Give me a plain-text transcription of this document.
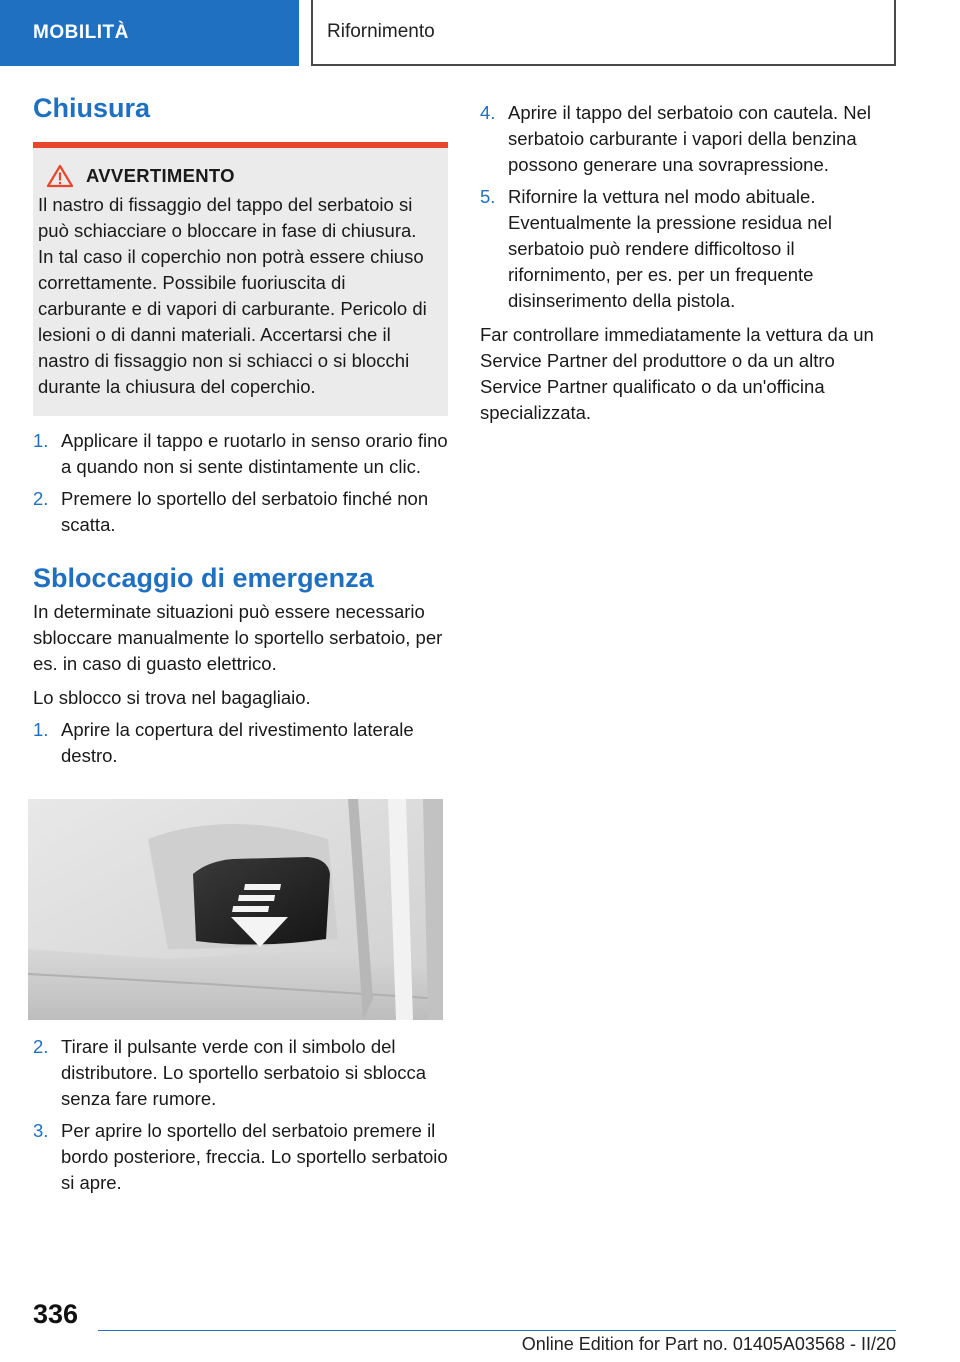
MOBILITÀ	Rifornimento
Chiusura
AVVERTIMENTO

Il nastro di fissaggio del tappo del serbatoio si può schiacciare o bloccare in fase di chiusura. In tal caso il coperchio non potrà essere chiuso correttamente. Possibile fuoriuscita di carburante e di vapori di carburante. Pericolo di lesioni o di danni materiali. Accertarsi che il nastro di fissaggio non si schiacci o si blocchi durante la chiusura del coperchio.

1. Applicare il tappo e ruotarlo in senso orario fino a quando non si sente distintamente un clic.
2. Premere lo sportello del serbatoio finché non scatta.
Sbloccaggio di emergenza

In determinate situazioni può essere necessario sbloccare manualmente lo sportello serbatoio, per es. in caso di guasto elettrico.

Lo sblocco si trova nel bagagliaio.

1. Aprire la copertura del rivestimento laterale destro.
2. Tirare il pulsante verde con il simbolo del distributore. Lo sportello serbatoio si sblocca senza fare rumore.
3. Per aprire lo sportello del serbatoio premere il bordo posteriore, freccia. Lo sportello serbatoio si apre.
4. Aprire il tappo del serbatoio con cautela. Nel serbatoio carburante i vapori della benzina possono generare una sovrapressione.
5. Rifornire la vettura nel modo abituale. Eventualmente la pressione residua nel serbatoio può rendere difficoltoso il rifornimento, per es. per un frequente disinserimento della pistola.

Far controllare immediatamente la vettura da un Service Partner del produttore o da un altro Service Partner qualificato o da un'officina specializzata.

336
Online Edition for Part no. 01405A03568 - II/20
